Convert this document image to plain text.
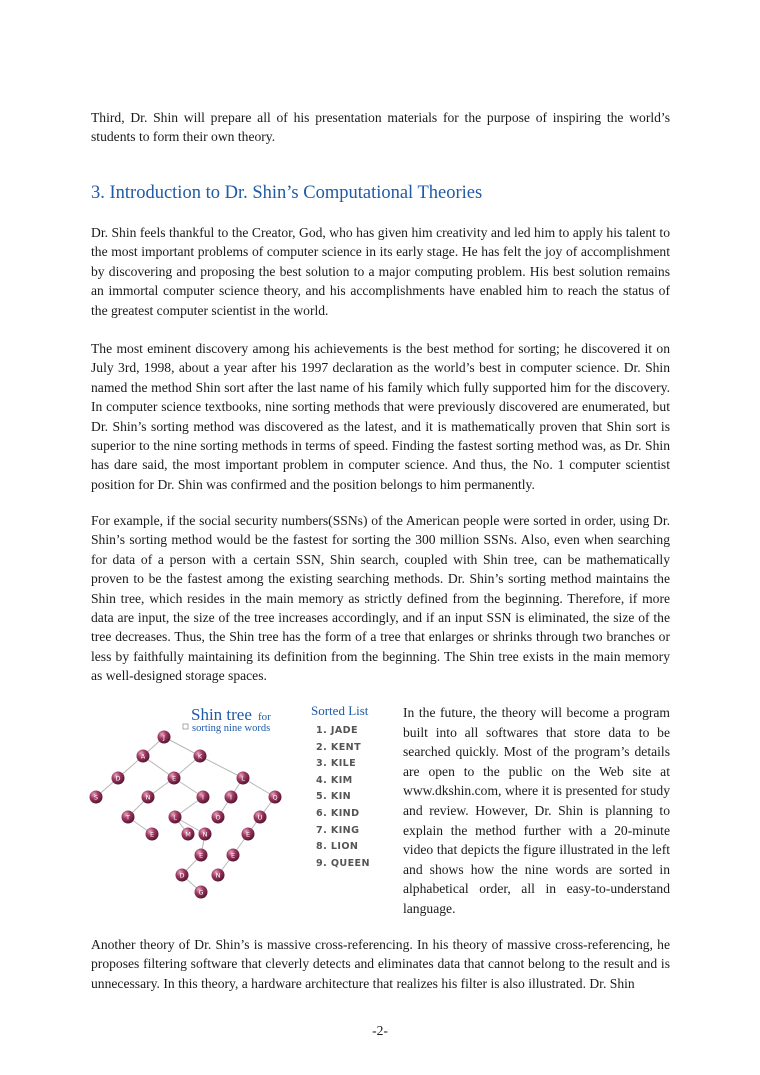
Third, Dr. Shin will prepare all of his presentation materials for the purpose of inspiring the world’s students to form their own theory.

3. Introduction to Dr. Shin’s Computational Theories

Dr. Shin feels thankful to the Creator, God, who has given him creativity and led him to apply his talent to the most important problems of computer science in its early stage. He has felt the joy of accomplishment by discovering and proposing the best solution to a major computing problem. His best solution remains an immortal computer science theory, and his accomplishments have enabled him to reach the status of the greatest computer scientist in the world.

The most eminent discovery among his achievements is the best method for sorting; he discovered it on July 3rd, 1998, about a year after his 1997 declaration as the world’s best in computer science. Dr. Shin named the method Shin sort after the last name of his family which fully supported him for the discovery. In computer science textbooks, nine sorting methods that were previously discovered are enumerated, but Dr. Shin’s sorting method was discovered as the latest, and it is mathematically proven that Shin sort is superior to the nine sorting methods in terms of speed. Finding the fastest sorting method was, as Dr. Shin has dare said, the most important problem in computer science. And thus, the No. 1 computer scientist position for Dr. Shin was confirmed and the position belongs to him permanently.

For example, if the social security numbers(SSNs) of the American people were sorted in order, using Dr. Shin’s sorting method would be the fastest for sorting the 300 million SSNs. Also, even when searching for data of a person with a certain SSN, Shin search, coupled with Shin tree, can be mathematically proven to be the fastest among the existing searching methods. Dr. Shin’s sorting method maintains the Shin tree, which resides in the main memory as strictly defined from the beginning. Therefore, if more data are input, the size of the tree increases accordingly, and if an input SSN is eliminated, the size of the tree decreases. Thus, the Shin tree has the form of a tree that enlarges or shrinks through two branches or less by faithfully maintaining its definition from the beginning. The Shin tree exists in the main memory as well-designed storage spaces.

J
A	K
D	E	L
S	N	I	I	Q
T	L	O	U
E	M N	E
E	E
D	N
G
Shin tree for
sorting nine words

Sorted List

1. JADE
2. KENT
3. KILE
4. KIM
5. KIN
6. KIND
7. KING
8. LION
9. QUEEN

In the future, the theory will become a program built into all softwares that store data to be searched quickly. Most of the program’s details are open to the public on the Web site at www.dkshin.com, where it is presented for study and review. However, Dr. Shin is planning to explain the method further with a 20-minute video that depicts the figure illustrated in the left and shows how the nine words are sorted in alphabetical order, all in easy-to-understand language.

Another theory of Dr. Shin’s is massive cross-referencing. In his theory of massive cross-referencing, he proposes filtering software that cleverly detects and eliminates data that cannot belong to the result and is unnecessary. In this theory, a hardware architecture that realizes his filter is also illustrated. Dr. Shin

-2-
